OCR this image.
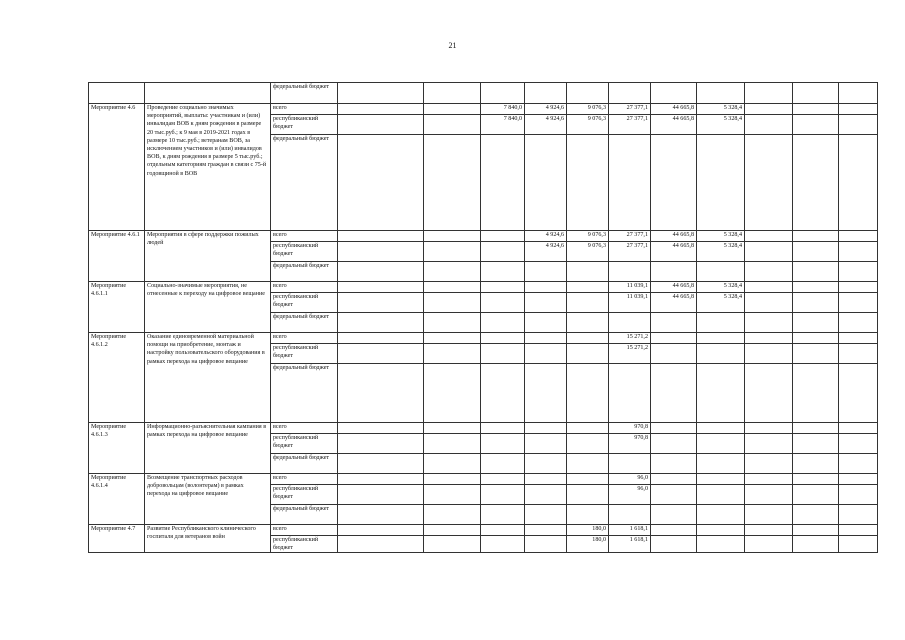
21
		федеральный бюджет											
Мероприятие 4.6	Проведение социально значимых мероприятий, выплаты: участникам и (или) инвалидам ВОВ к дням рождения в размере 20 тыс.руб.; к 9 мая в 2019-2021 годах в размере 10 тыс.руб.; ветеранам ВОВ, за исключением участников и (или) инвалидов ВОВ, к дням рождения в размере 5 тыс.руб.; отдельным категориям граждан в связи с 75-й годовщиной в ВОВ	всего			7 840,0	4 924,6	9 076,3	27 377,1	44 665,8	5 328,4			
		республиканский бюджет			7 840,0	4 924,6	9 076,3	27 377,1	44 665,8	5 328,4			
		федеральный бюджет											
Мероприятие 4.6.1	Мероприятия в сфере поддержки пожилых людей	всего				4 924,6	9 076,3	27 377,1	44 665,8	5 328,4			
		республиканский бюджет				4 924,6	9 076,3	27 377,1	44 665,8	5 328,4			
		федеральный бюджет											
Мероприятие 4.6.1.1	Социально-значимые мероприятия, не отнесенные к переходу на цифровое вещание	всего						11 039,1	44 665,8	5 328,4			
		республиканский бюджет						11 039,1	44 665,8	5 328,4			
		федеральный бюджет											
Мероприятие 4.6.1.2	Оказание единовременной материальной помощи на приобретение, монтаж и настройку пользовательского оборудования в рамках перехода на цифровое вещание	всего						15 271,2					
		республиканский бюджет						15 271,2					
		федеральный бюджет											
Мероприятие 4.6.1.3	Информационно-разъяснительная кампания в рамках перехода на цифровое вещание	всего						970,8					
		республиканский бюджет						970,8					
		федеральный бюджет											
Мероприятие 4.6.1.4	Возмещение транспортных расходов добровольцам (волонтерам) в рамках перехода на цифровое вещание	всего						96,0					
		республиканский бюджет						96,0					
		федеральный бюджет											
Мероприятие 4.7	Развитие Республиканского клинического госпиталя для ветеранов войн	всего					180,0	1 618,1					
		республиканский бюджет					180,0	1 618,1					
